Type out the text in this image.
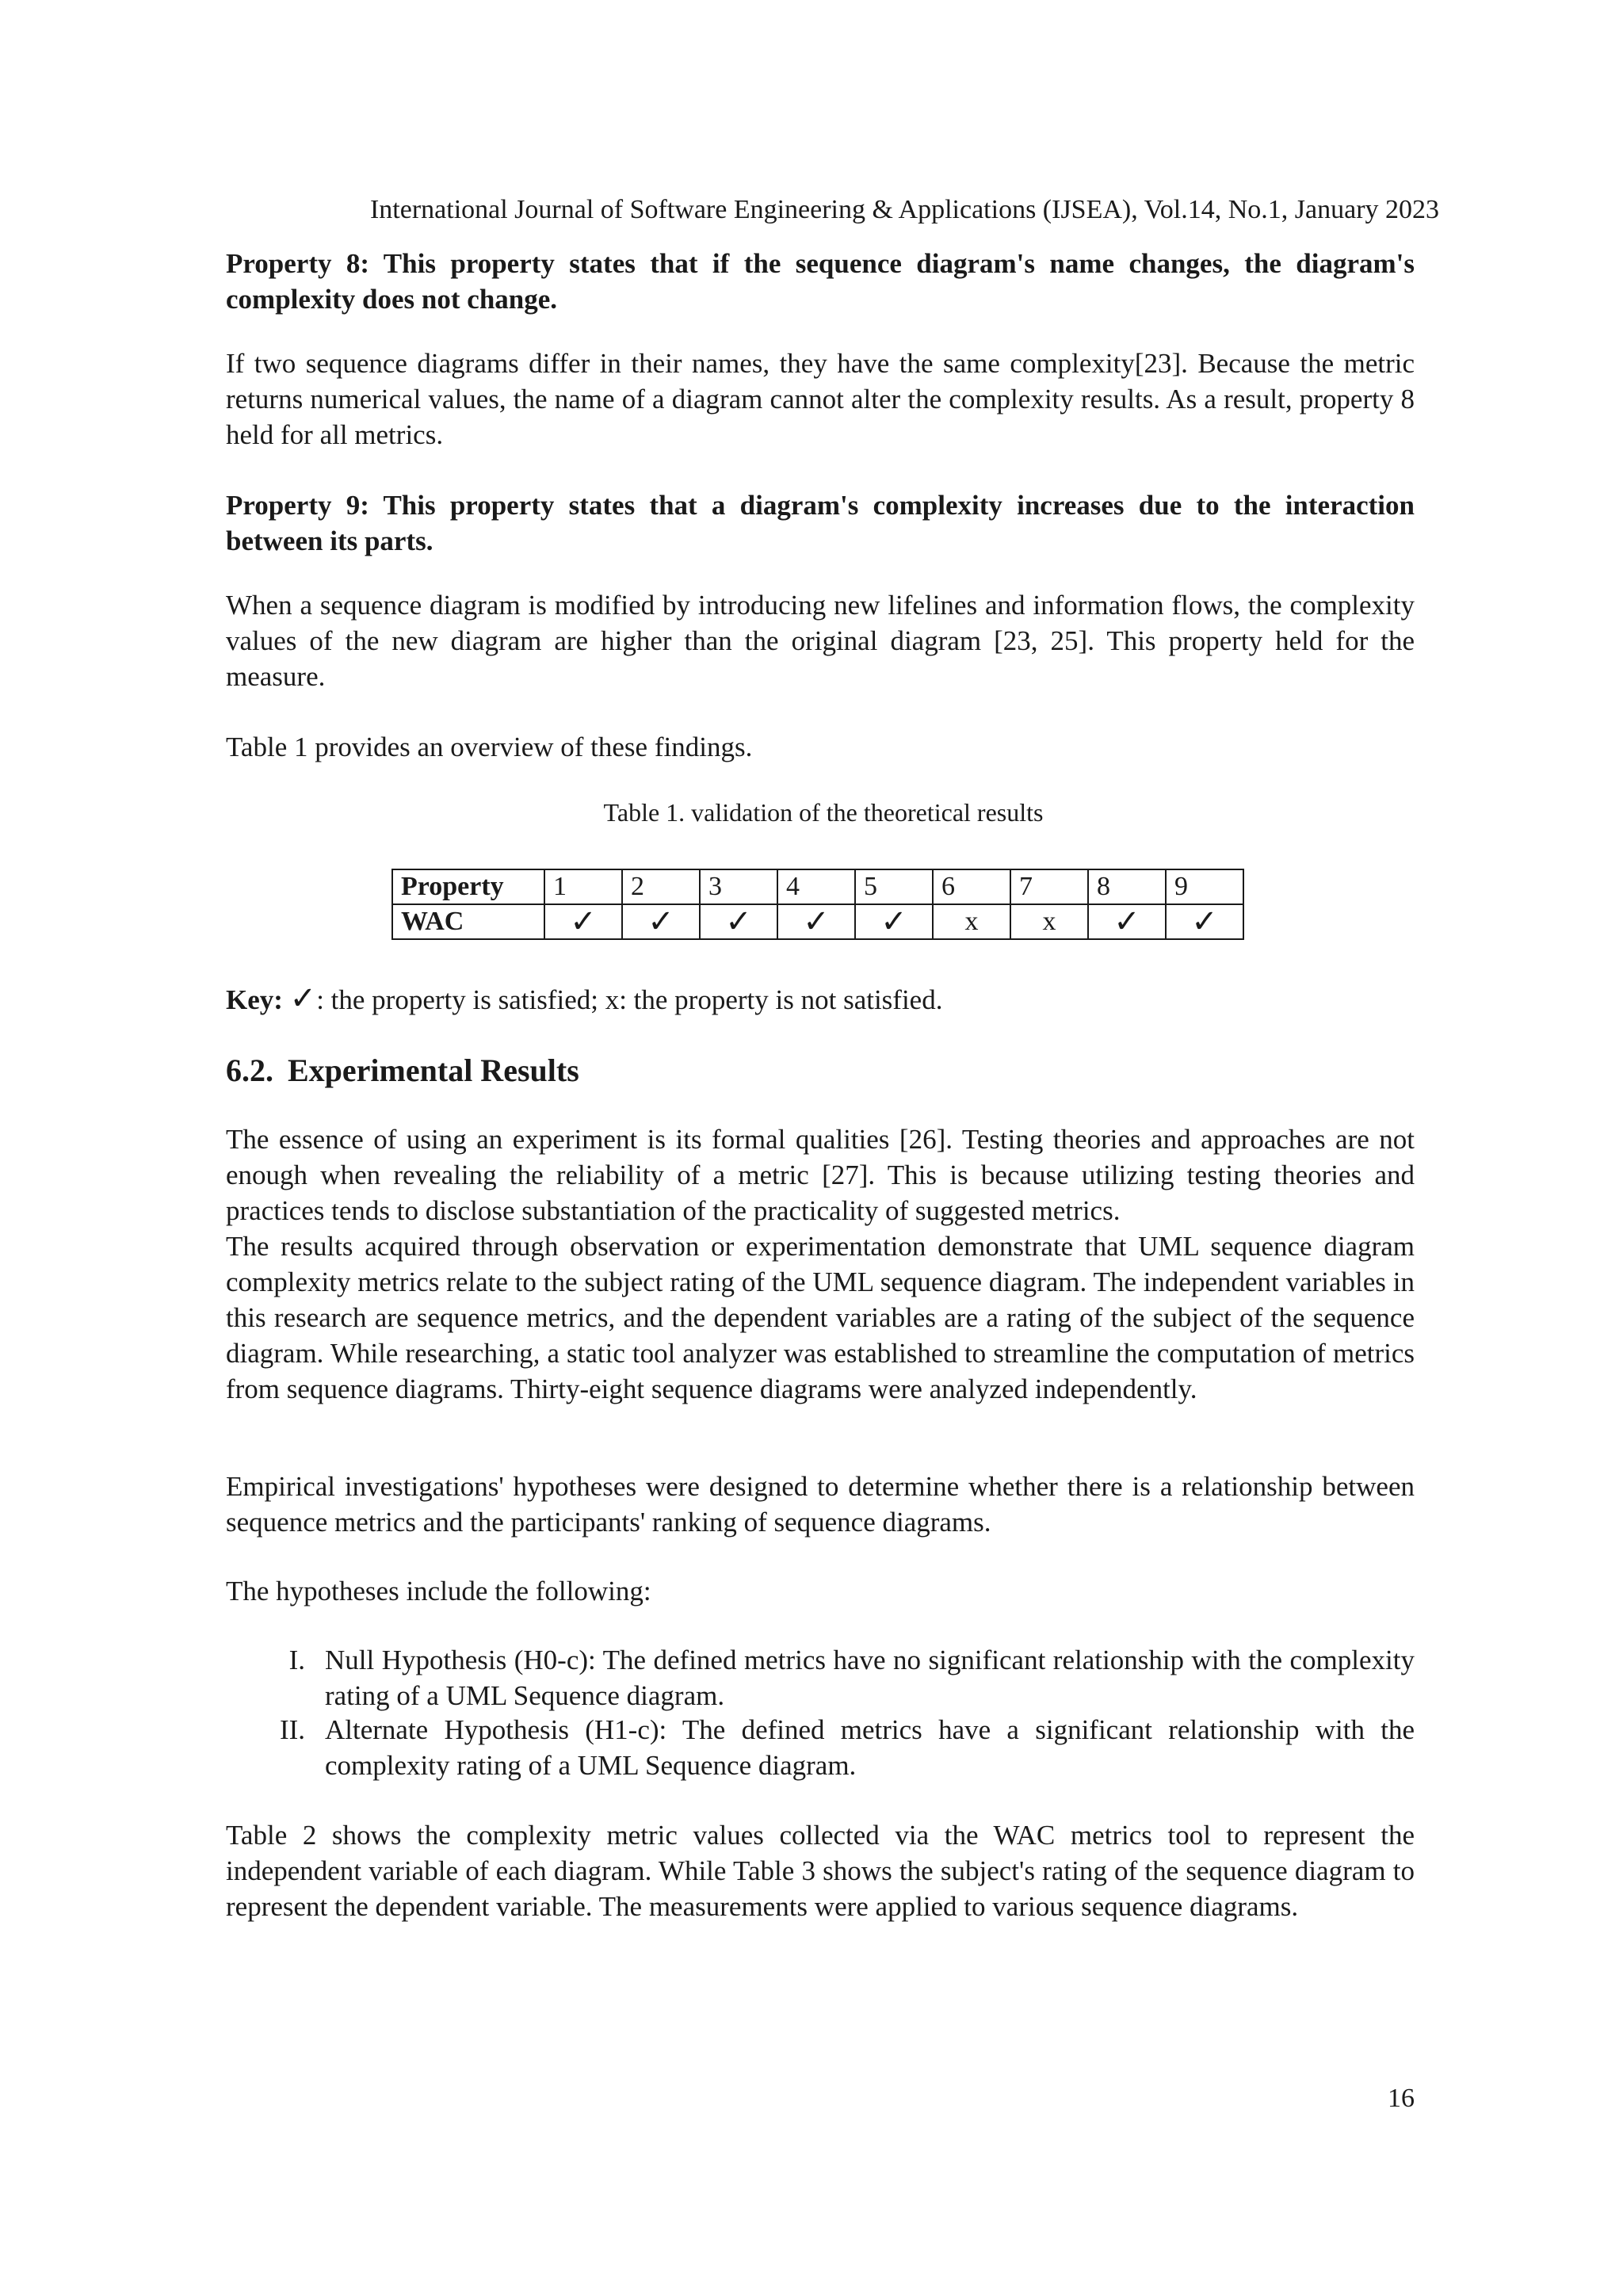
International Journal of Software Engineering & Applications (IJSEA), Vol.14, No.1, January 2023
Property 8: This property states that if the sequence diagram's name changes, the diagram's complexity does not change.
If two sequence diagrams differ in their names, they have the same complexity[23]. Because the metric returns numerical values, the name of a diagram cannot alter the complexity results. As a result, property 8 held for all metrics.
Property 9: This property states that a diagram's complexity increases due to the interaction between its parts.
When a sequence diagram is modified by introducing new lifelines and information flows, the complexity values of the new diagram are higher than the original diagram [23, 25]. This property held for the measure.
Table 1 provides an overview of these findings.
Table 1. validation of the theoretical results
Property	1	2	3	4	5	6	7	8	9
WAC	✓	✓	✓	✓	✓	x	x	✓	✓
Key: ✓: the property is satisfied; x: the property is not satisfied.
6.2. Experimental Results
The essence of using an experiment is its formal qualities [26]. Testing theories and approaches are not enough when revealing the reliability of a metric [27]. This is because utilizing testing theories and practices tends to disclose substantiation of the practicality of suggested metrics.
The results acquired through observation or experimentation demonstrate that UML sequence diagram complexity metrics relate to the subject rating of the UML sequence diagram. The independent variables in this research are sequence metrics, and the dependent variables are a rating of the subject of the sequence diagram. While researching, a static tool analyzer was established to streamline the computation of metrics from sequence diagrams. Thirty-eight sequence diagrams were analyzed independently.
Empirical investigations' hypotheses were designed to determine whether there is a relationship between sequence metrics and the participants' ranking of sequence diagrams.
The hypotheses include the following:
I. Null Hypothesis (H0-c): The defined metrics have no significant relationship with the complexity rating of a UML Sequence diagram.
II. Alternate Hypothesis (H1-c): The defined metrics have a significant relationship with the complexity rating of a UML Sequence diagram.
Table 2 shows the complexity metric values collected via the WAC metrics tool to represent the independent variable of each diagram. While Table 3 shows the subject's rating of the sequence diagram to represent the dependent variable. The measurements were applied to various sequence diagrams.
16
